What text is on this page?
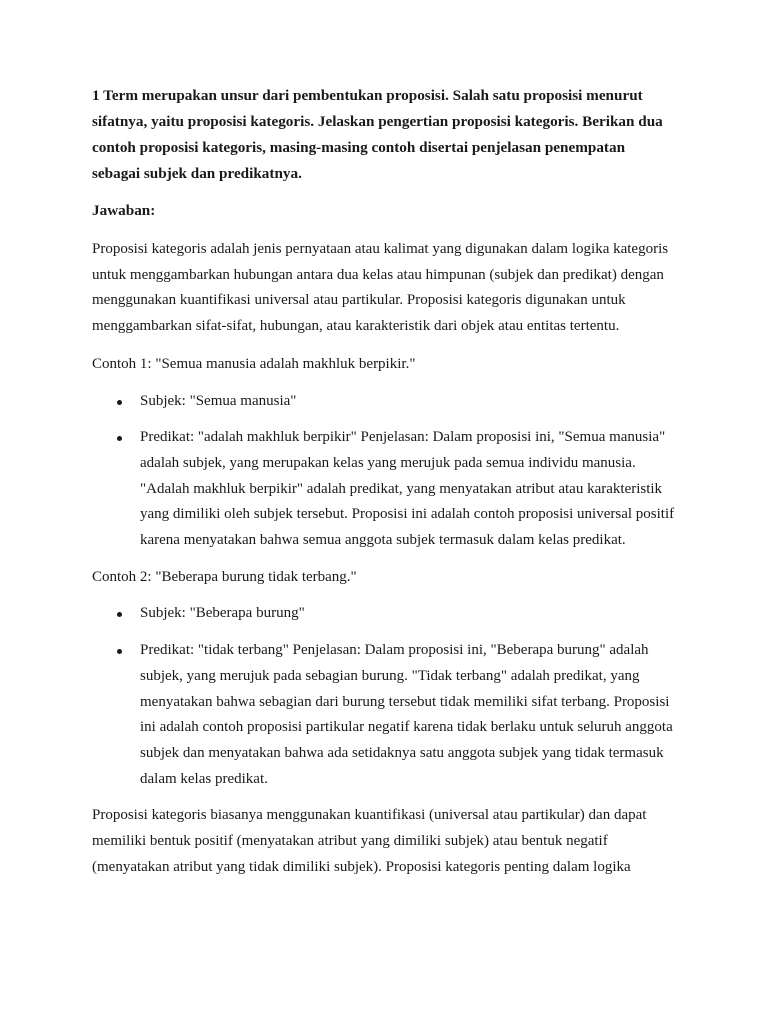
1 Term merupakan unsur dari pembentukan proposisi. Salah satu proposisi menurut sifatnya, yaitu proposisi kategoris. Jelaskan pengertian proposisi kategoris. Berikan dua contoh proposisi kategoris, masing-masing contoh disertai penjelasan penempatan sebagai subjek dan predikatnya.

Jawaban:

Proposisi kategoris adalah jenis pernyataan atau kalimat yang digunakan dalam logika kategoris untuk menggambarkan hubungan antara dua kelas atau himpunan (subjek dan predikat) dengan menggunakan kuantifikasi universal atau partikular. Proposisi kategoris digunakan untuk menggambarkan sifat-sifat, hubungan, atau karakteristik dari objek atau entitas tertentu.

Contoh 1: "Semua manusia adalah makhluk berpikir."

Subjek: "Semua manusia"
Predikat: "adalah makhluk berpikir" Penjelasan: Dalam proposisi ini, "Semua manusia" adalah subjek, yang merupakan kelas yang merujuk pada semua individu manusia. "Adalah makhluk berpikir" adalah predikat, yang menyatakan atribut atau karakteristik yang dimiliki oleh subjek tersebut. Proposisi ini adalah contoh proposisi universal positif karena menyatakan bahwa semua anggota subjek termasuk dalam kelas predikat.

Contoh 2: "Beberapa burung tidak terbang."

Subjek: "Beberapa burung"
Predikat: "tidak terbang" Penjelasan: Dalam proposisi ini, "Beberapa burung" adalah subjek, yang merujuk pada sebagian burung. "Tidak terbang" adalah predikat, yang menyatakan bahwa sebagian dari burung tersebut tidak memiliki sifat terbang. Proposisi ini adalah contoh proposisi partikular negatif karena tidak berlaku untuk seluruh anggota subjek dan menyatakan bahwa ada setidaknya satu anggota subjek yang tidak termasuk dalam kelas predikat.

Proposisi kategoris biasanya menggunakan kuantifikasi (universal atau partikular) dan dapat memiliki bentuk positif (menyatakan atribut yang dimiliki subjek) atau bentuk negatif (menyatakan atribut yang tidak dimiliki subjek). Proposisi kategoris penting dalam logika
